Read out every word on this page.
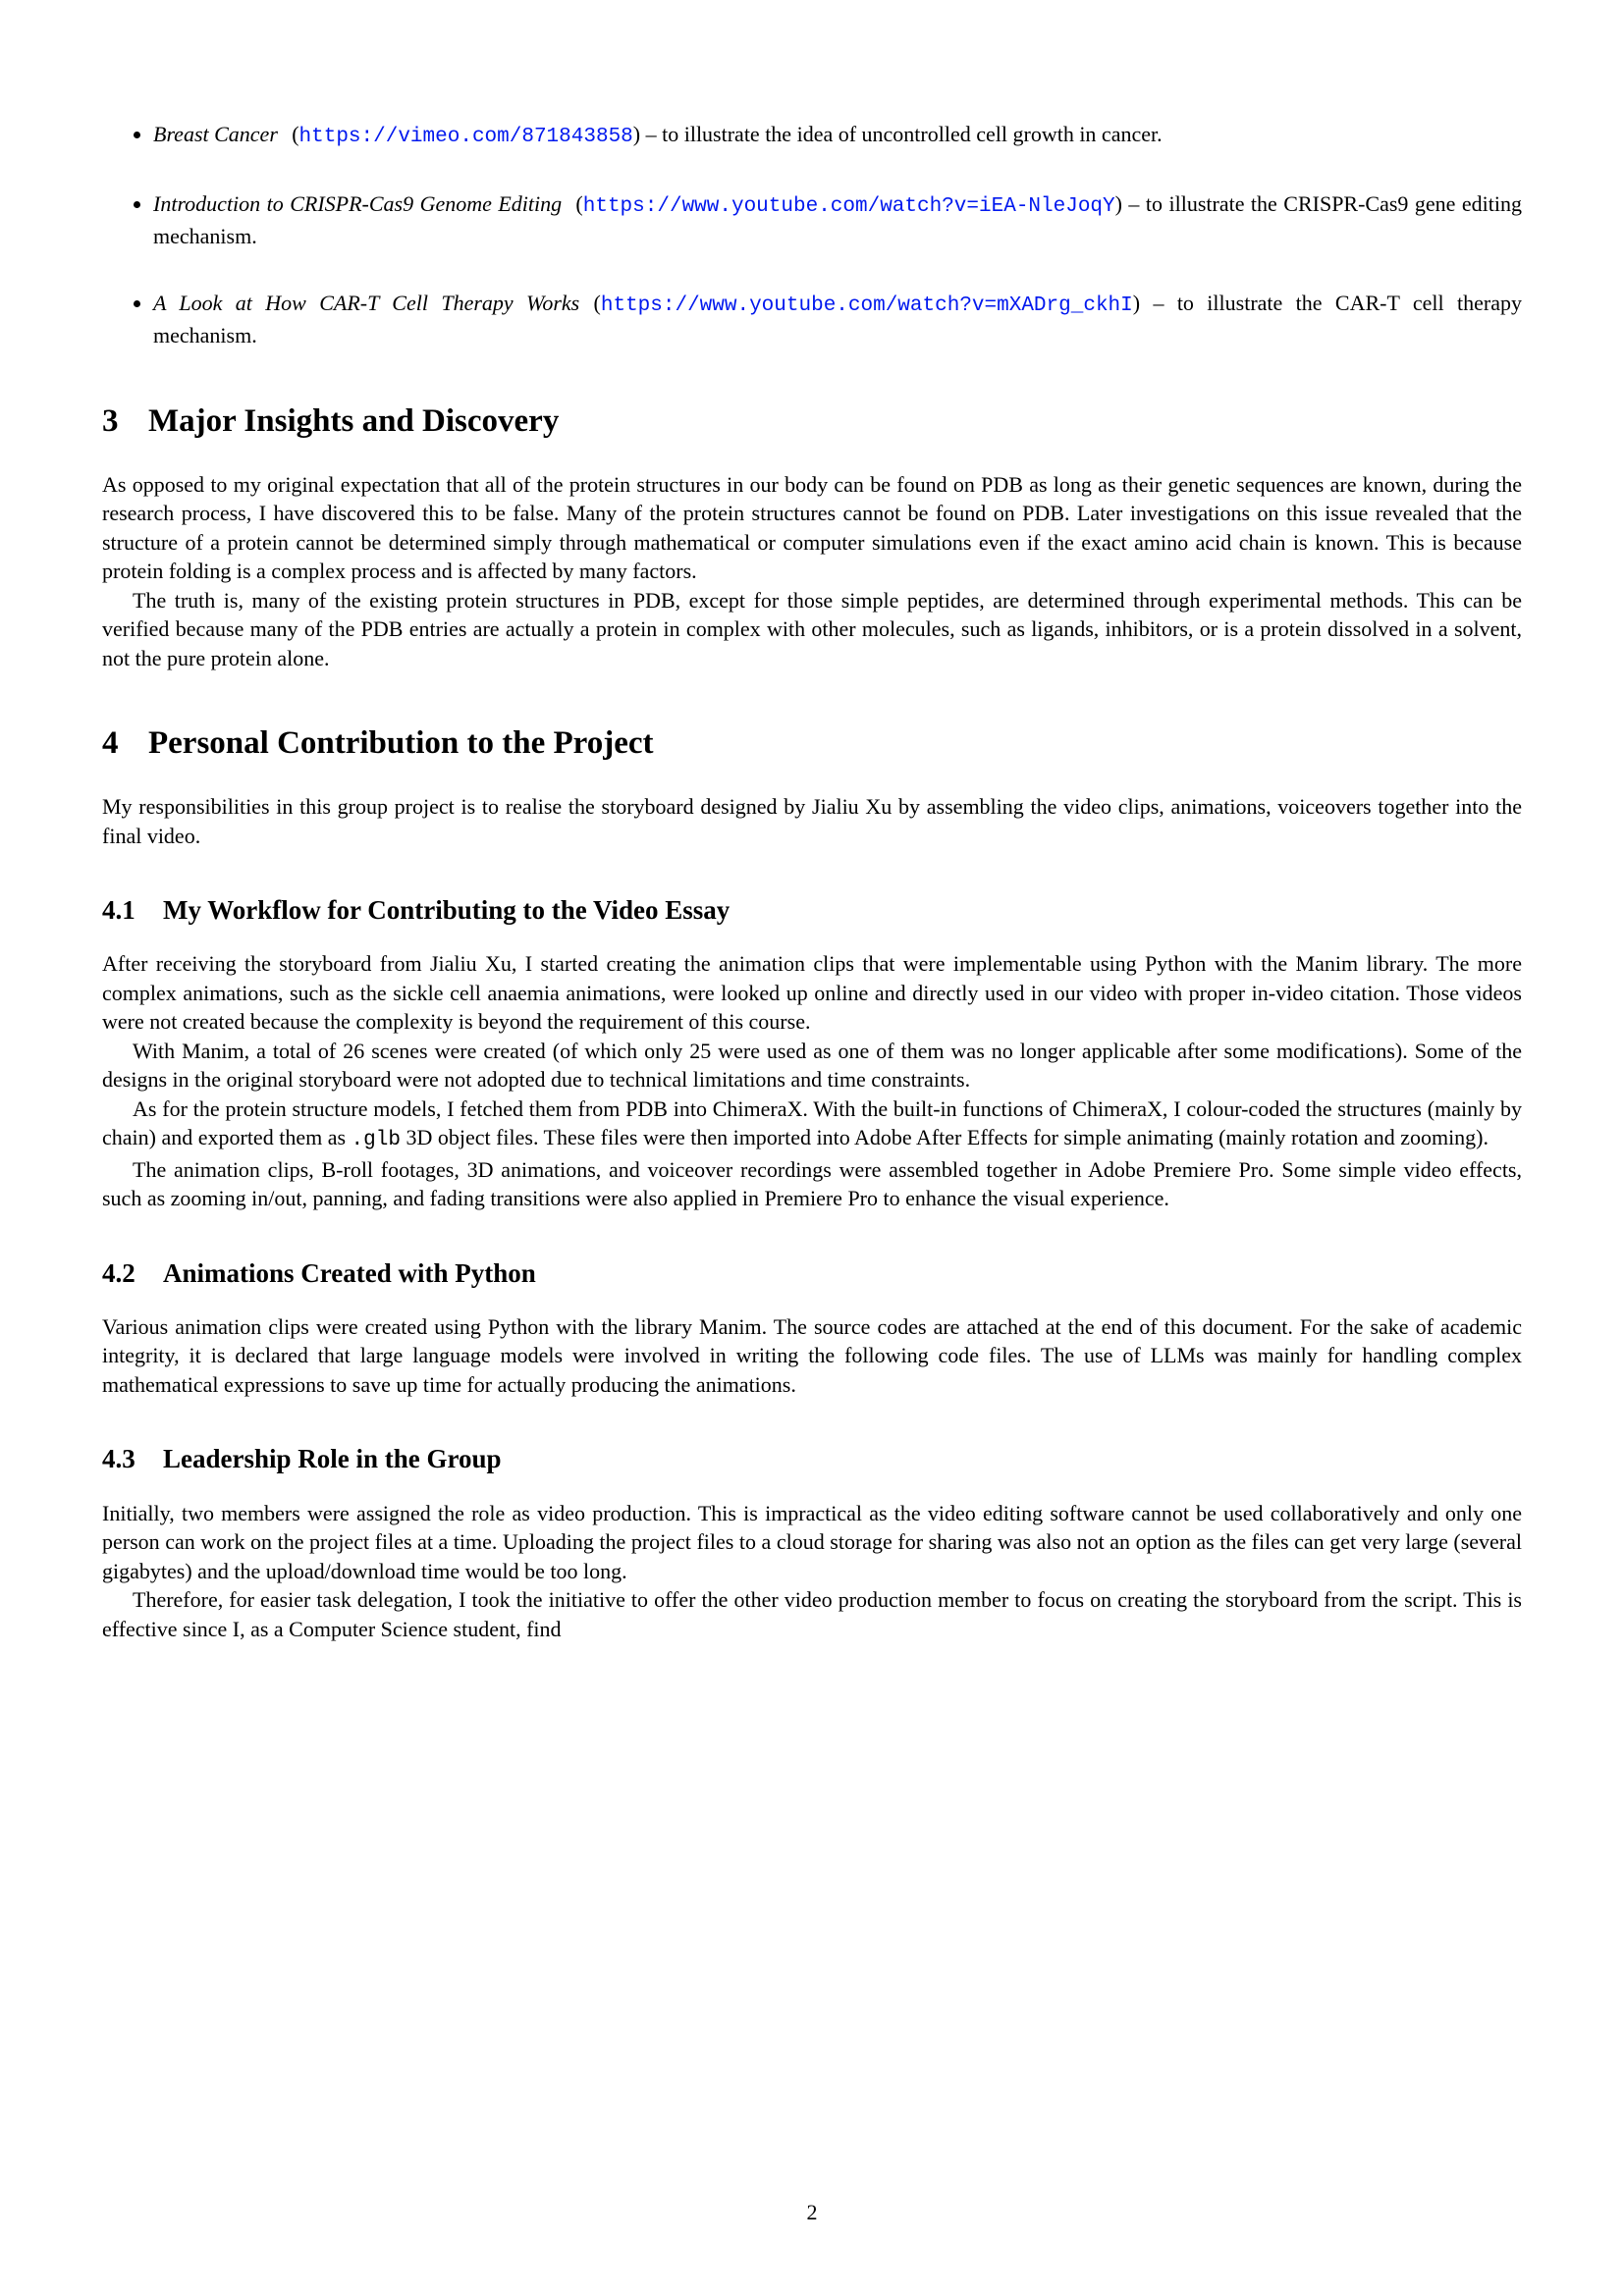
• Breast Cancer (https://vimeo.com/871843858) – to illustrate the idea of uncontrolled cell growth in cancer.
• Introduction to CRISPR-Cas9 Genome Editing (https://www.youtube.com/watch?v=iEA-NleJoqY) – to illustrate the CRISPR-Cas9 gene editing mechanism.
• A Look at How CAR-T Cell Therapy Works (https://www.youtube.com/watch?v=mXADrg_ckhI) – to illustrate the CAR-T cell therapy mechanism.
3 Major Insights and Discovery

As opposed to my original expectation that all of the protein structures in our body can be found on PDB as long as their genetic sequences are known, during the research process, I have discovered this to be false. Many of the protein structures cannot be found on PDB. Later investigations on this issue revealed that the structure of a protein cannot be determined simply through mathematical or computer simulations even if the exact amino acid chain is known. This is because protein folding is a complex process and is affected by many factors.

The truth is, many of the existing protein structures in PDB, except for those simple peptides, are determined through experimental methods. This can be verified because many of the PDB entries are actually a protein in complex with other molecules, such as ligands, inhibitors, or is a protein dissolved in a solvent, not the pure protein alone.

4 Personal Contribution to the Project

My responsibilities in this group project is to realise the storyboard designed by Jialiu Xu by assembling the video clips, animations, voiceovers together into the final video.

4.1 My Workflow for Contributing to the Video Essay

After receiving the storyboard from Jialiu Xu, I started creating the animation clips that were implementable using Python with the Manim library. The more complex animations, such as the sickle cell anaemia animations, were looked up online and directly used in our video with proper in-video citation. Those videos were not created because the complexity is beyond the requirement of this course.

With Manim, a total of 26 scenes were created (of which only 25 were used as one of them was no longer applicable after some modifications). Some of the designs in the original storyboard were not adopted due to technical limitations and time constraints.

As for the protein structure models, I fetched them from PDB into ChimeraX. With the built-in functions of ChimeraX, I colour-coded the structures (mainly by chain) and exported them as .glb 3D object files. These files were then imported into Adobe After Effects for simple animating (mainly rotation and zooming).

The animation clips, B-roll footages, 3D animations, and voiceover recordings were assembled together in Adobe Premiere Pro. Some simple video effects, such as zooming in/out, panning, and fading transitions were also applied in Premiere Pro to enhance the visual experience.

4.2 Animations Created with Python

Various animation clips were created using Python with the library Manim. The source codes are attached at the end of this document. For the sake of academic integrity, it is declared that large language models were involved in writing the following code files. The use of LLMs was mainly for handling complex mathematical expressions to save up time for actually producing the animations.

4.3 Leadership Role in the Group

Initially, two members were assigned the role as video production. This is impractical as the video editing software cannot be used collaboratively and only one person can work on the project files at a time. Uploading the project files to a cloud storage for sharing was also not an option as the files can get very large (several gigabytes) and the upload/download time would be too long.

Therefore, for easier task delegation, I took the initiative to offer the other video production member to focus on creating the storyboard from the script. This is effective since I, as a Computer Science student, find

2
